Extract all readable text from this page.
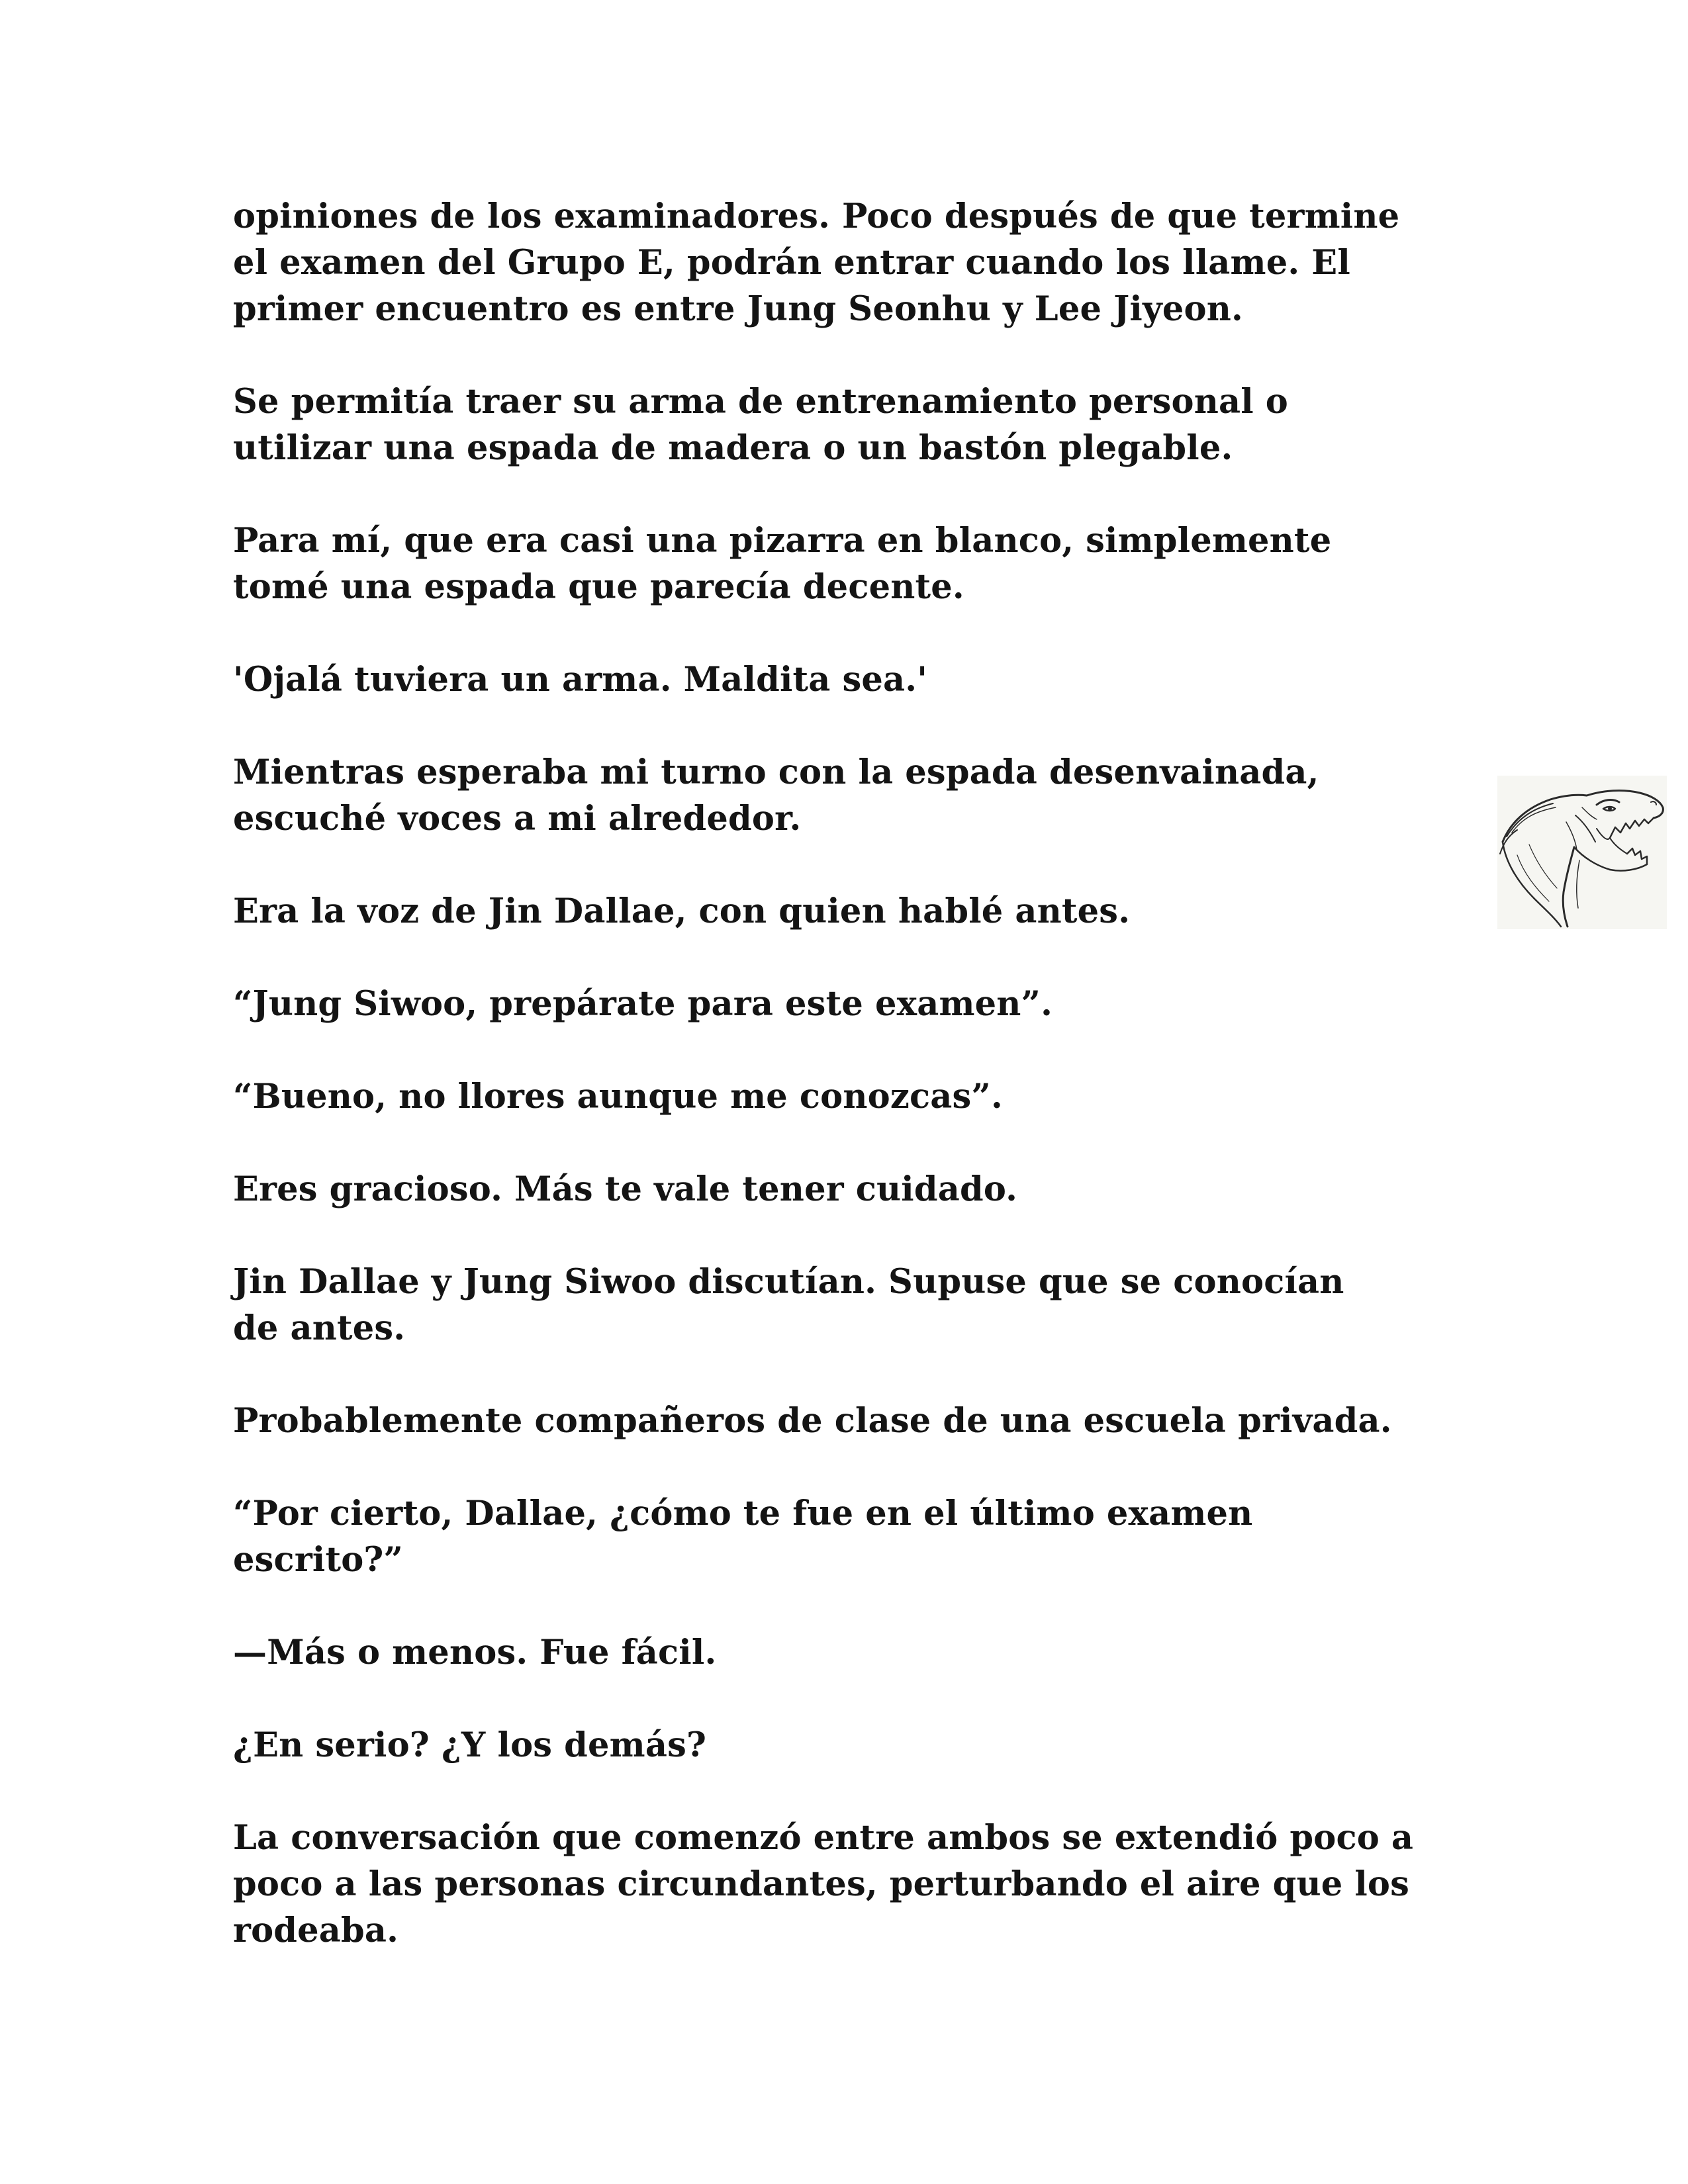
opiniones de los examinadores. Poco después de que termine
el examen del Grupo E, podrán entrar cuando los llame. El
primer encuentro es entre Jung Seonhu y Lee Jiyeon.

Se permitía traer su arma de entrenamiento personal o
utilizar una espada de madera o un bastón plegable.

Para mí, que era casi una pizarra en blanco, simplemente
tomé una espada que parecía decente.

'Ojalá tuviera un arma. Maldita sea.'

Mientras esperaba mi turno con la espada desenvainada,
escuché voces a mi alrededor.

Era la voz de Jin Dallae, con quien hablé antes.

“Jung Siwoo, prepárate para este examen”.

“Bueno, no llores aunque me conozcas”.

Eres gracioso. Más te vale tener cuidado.

Jin Dallae y Jung Siwoo discutían. Supuse que se conocían
de antes.

Probablemente compañeros de clase de una escuela privada.

“Por cierto, Dallae, ¿cómo te fue en el último examen
escrito?”

—Más o menos. Fue fácil.

¿En serio? ¿Y los demás?

La conversación que comenzó entre ambos se extendió poco a
poco a las personas circundantes, perturbando el aire que los
rodeaba.
